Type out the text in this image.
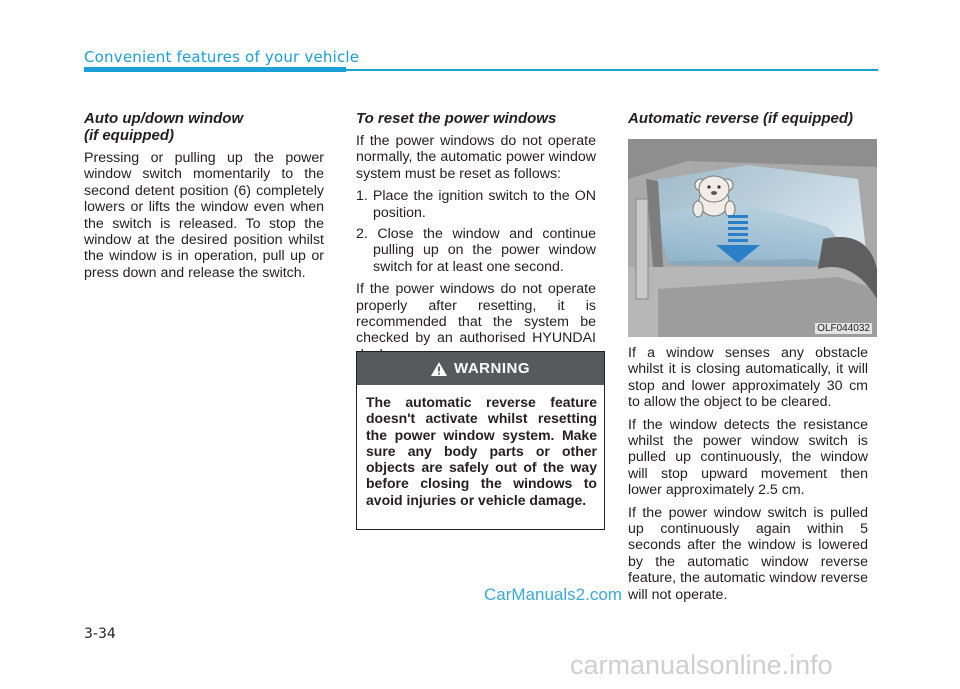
Convenient features of your vehicle
Auto up/down window
(if equipped)

Pressing or pulling up the power window switch momentarily to the second detent position (6) completely lowers or lifts the window even when the switch is released. To stop the window at the desired position whilst the window is in operation, pull up or press down and release the switch.

To reset the power windows

If the power windows do not operate normally, the automatic power window system must be reset as follows:

1. Place the ignition switch to the ON position.
2. Close the window and continue pulling up on the power window switch for at least one second.

If the power windows do not operate properly after resetting, it is recommended that the system be checked by an authorised HYUNDAI

WARNING
The automatic reverse feature doesn't activate whilst resetting the power window system. Make sure any body parts or other objects are safely out of the way before closing the windows to avoid injuries or vehicle damage.
Automatic reverse (if equipped)
OLF044032

If a window senses any obstacle whilst it is closing automatically, it will stop and lower approximately 30 cm to allow the object to be cleared.

If the window detects the resistance whilst the power window switch is pulled up continuously, the window will stop upward movement then lower approximately 2.5 cm.

If the power window switch is pulled up continuously again within 5 seconds after the window is lowered by the automatic window reverse feature, the automatic window reverse will not operate.

CarManuals2.com
3-34
carmanualsonline.info
